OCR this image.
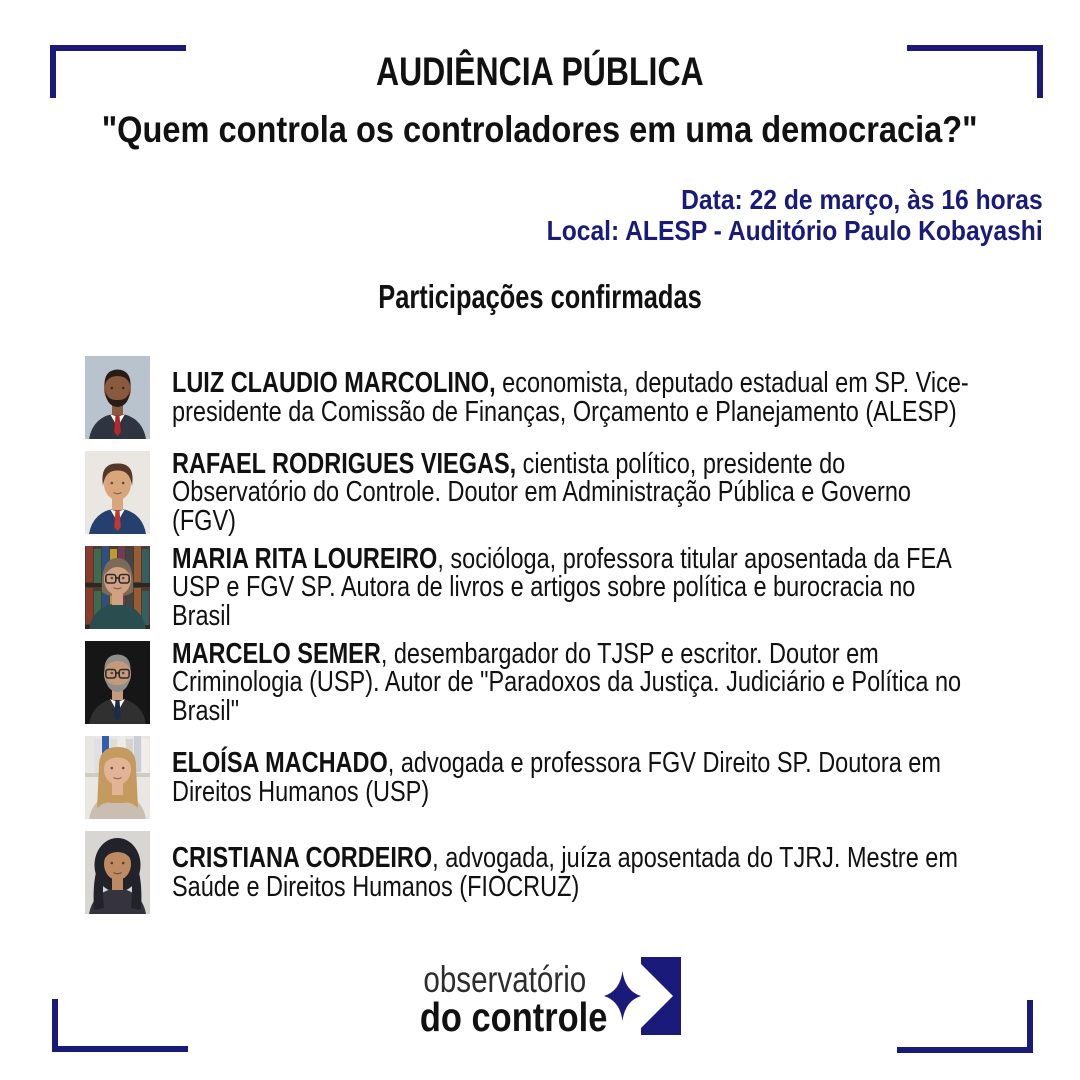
AUDIÊNCIA PÚBLICA
"Quem controla os controladores em uma democracia?"
Data: 22 de março, às 16 horas
Local: ALESP - Auditório Paulo Kobayashi
Participações confirmadas
LUIZ CLAUDIO MARCOLINO, economista, deputado estadual em SP. Vice-presidente da Comissão de Finanças, Orçamento e Planejamento (ALESP)
RAFAEL RODRIGUES VIEGAS, cientista político, presidente do Observatório do Controle. Doutor em Administração Pública e Governo (FGV)
MARIA RITA LOUREIRO, socióloga, professora titular aposentada da FEA USP e FGV SP. Autora de livros e artigos sobre política e burocracia no Brasil
MARCELO SEMER, desembargador do TJSP e escritor. Doutor em Criminologia (USP). Autor de "Paradoxos da Justiça. Judiciário e Política no Brasil"
ELOÍSA MACHADO, advogada e professora FGV Direito SP. Doutora em Direitos Humanos (USP)
CRISTIANA CORDEIRO, advogada, juíza aposentada do TJRJ. Mestre em Saúde e Direitos Humanos (FIOCRUZ)
observatório
do controle
